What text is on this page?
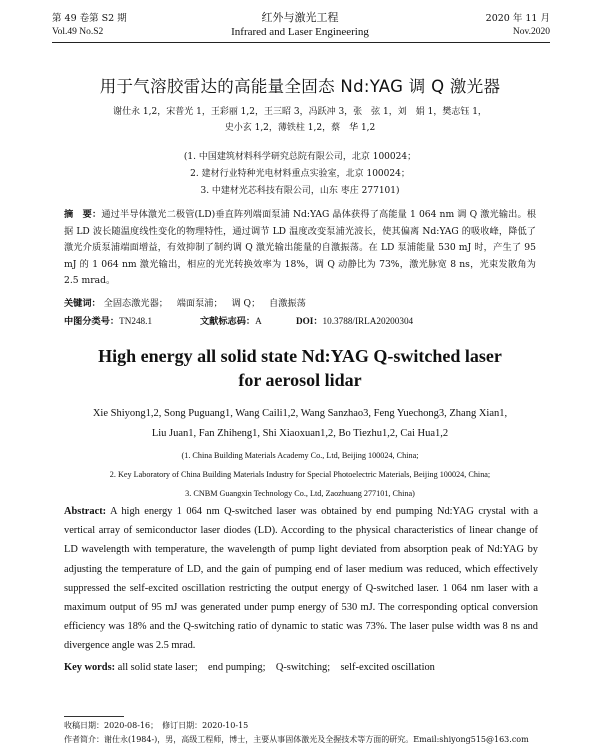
第 49 卷第 S2 期	红外与激光工程	2020 年 11 月
Vol.49 No.S2	Infrared and Laser Engineering	Nov.2020
用于气溶胶雷达的高能量全固态 Nd:YAG 调 Q 激光器
谢仕永 1,2，宋普光 1，王彩丽 1,2，王三昭 3，冯跃冲 3，张　弦 1，刘　娟 1，樊志钰 1，
史小玄 1,2，薄铁柱 1,2，蔡　华 1,2
(1. 中国建筑材料科学研究总院有限公司，北京 100024；
2. 建材行业特种光电材料重点实验室，北京 100024；
3. 中建材光芯科技有限公司，山东 枣庄 277101)
摘　要：通过半导体激光二极管(LD)垂直阵列端面泵浦 Nd:YAG 晶体获得了高能量 1 064 nm 调 Q 激光输出。根据 LD 波长随温度线性变化的物理特性，通过调节 LD 温度改变泵浦光波长，使其偏离 Nd:YAG 的吸收峰，降低了激光介质泵浦端面增益，有效抑制了制约调 Q 激光输出能量的自激振荡。在 LD 泵浦能量 530 mJ 时，产生了 95 mJ 的 1 064 nm 激光输出，相应的光光转换效率为 18%，调 Q 动静比为 73%，激光脉宽 8 ns，光束发散角为 2.5 mrad。
关键词： 全固态激光器； 端面泵浦； 调 Q； 自激振荡
中图分类号：TN248.1	文献标志码：A	DOI：10.3788/IRLA20200304
High energy all solid state Nd:YAG Q-switched laser
for aerosol lidar
Xie Shiyong1,2, Song Puguang1, Wang Caili1,2, Wang Sanzhao3, Feng Yuechong3, Zhang Xian1,
Liu Juan1, Fan Zhiheng1, Shi Xiaoxuan1,2, Bo Tiezhu1,2, Cai Hua1,2
(1. China Building Materials Academy Co., Ltd, Beijing 100024, China;
2. Key Laboratory of China Building Materials Industry for Special Photoelectric Materials, Beijing 100024, China;
3. CNBM Guangxin Technology Co., Ltd, Zaozhuang 277101, China)
Abstract: A high energy 1 064 nm Q-switched laser was obtained by end pumping Nd:YAG crystal with a vertical array of semiconductor laser diodes (LD). According to the physical characteristics of linear change of LD wavelength with temperature, the wavelength of pump light deviated from absorption peak of Nd:YAG by adjusting the temperature of LD, and the gain of pumping end of laser medium was reduced, which effectively suppressed the self-excited oscillation restricting the output energy of Q-switched laser. 1 064 nm laser with a maximum output of 95 mJ was generated under pump energy of 530 mJ. The corresponding optical conversion efficiency was 18% and the Q-switching ratio of dynamic to static was 73%. The laser pulse width was 8 ns and divergence angle was 2.5 mrad.
Key words: all solid state laser;　end pumping;　Q-switching;　self-excited oscillation
收稿日期：2020-08-16；　修订日期：2020-10-15
作者简介：谢仕永(1984-)，男，高级工程师，博士，主要从事固体激光及全握技术等方面的研究。Email:shiyong515@163.com
